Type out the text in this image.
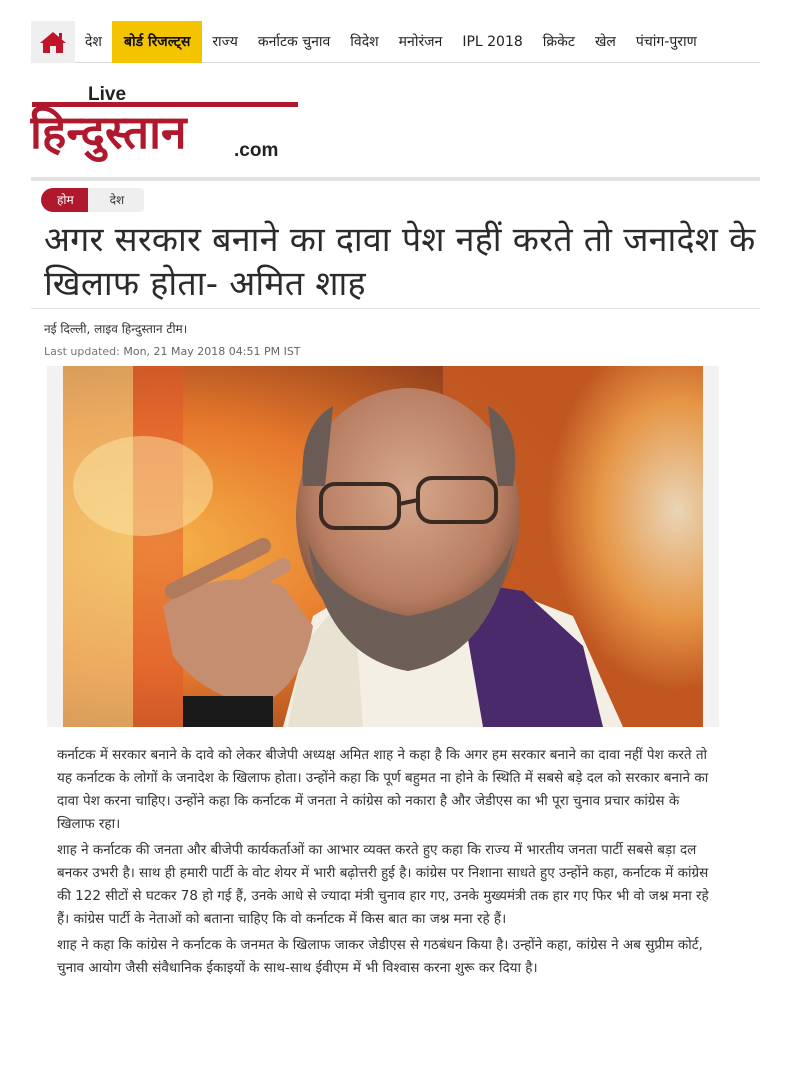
देश	बोर्ड रिजल्ट्स	राज्य	कर्नाटक चुनाव	विदेश	मनोरंजन	IPL 2018	क्रिकेट	खेल	पंचांग-पुराण
Live
हिन्दुस्तान .com
होम	देश
अगर सरकार बनाने का दावा पेश नहीं करते तो जनादेश के खिलाफ होता- अमित शाह
नई दिल्ली, लाइव हिन्दुस्तान टीम।
Last updated: Mon, 21 May 2018 04:51 PM IST

कर्नाटक में सरकार बनाने के दावे को लेकर बीजेपी अध्यक्ष अमित शाह ने कहा है कि अगर हम सरकार बनाने का दावा नहीं पेश करते तो यह कर्नाटक के लोगों के जनादेश के खिलाफ होता। उन्होंने कहा कि पूर्ण बहुमत ना होने के स्थिति में सबसे बड़े दल को सरकार बनाने का दावा पेश करना चाहिए। उन्होंने कहा कि कर्नाटक में जनता ने कांग्रेस को नकारा है और जेडीएस का भी पूरा चुनाव प्रचार कांग्रेस के खिलाफ रहा।

शाह ने कर्नाटक की जनता और बीजेपी कार्यकर्ताओं का आभार व्यक्त करते हुए कहा कि राज्य में भारतीय जनता पार्टी सबसे बड़ा दल बनकर उभरी है। साथ ही हमारी पार्टी के वोट शेयर में भारी बढ़ोत्तरी हुई है। कांग्रेस पर निशाना साधते हुए उन्होंने कहा, कर्नाटक में कांग्रेस की 122 सीटों से घटकर 78 हो गई हैं, उनके आधे से ज्यादा मंत्री चुनाव हार गए, उनके मुख्यमंत्री तक हार गए फिर भी वो जश्न मना रहे हैं। कांग्रेस पार्टी के नेताओं को बताना चाहिए कि वो कर्नाटक में किस बात का जश्न मना रहे हैं।

शाह ने कहा कि कांग्रेस ने कर्नाटक के जनमत के खिलाफ जाकर जेडीएस से गठबंधन किया है। उन्होंने कहा, कांग्रेस ने अब सुप्रीम कोर्ट, चुनाव आयोग जैसी संवैधानिक ईकाइयों के साथ-साथ ईवीएम में भी विश्वास करना शुरू कर दिया है।
